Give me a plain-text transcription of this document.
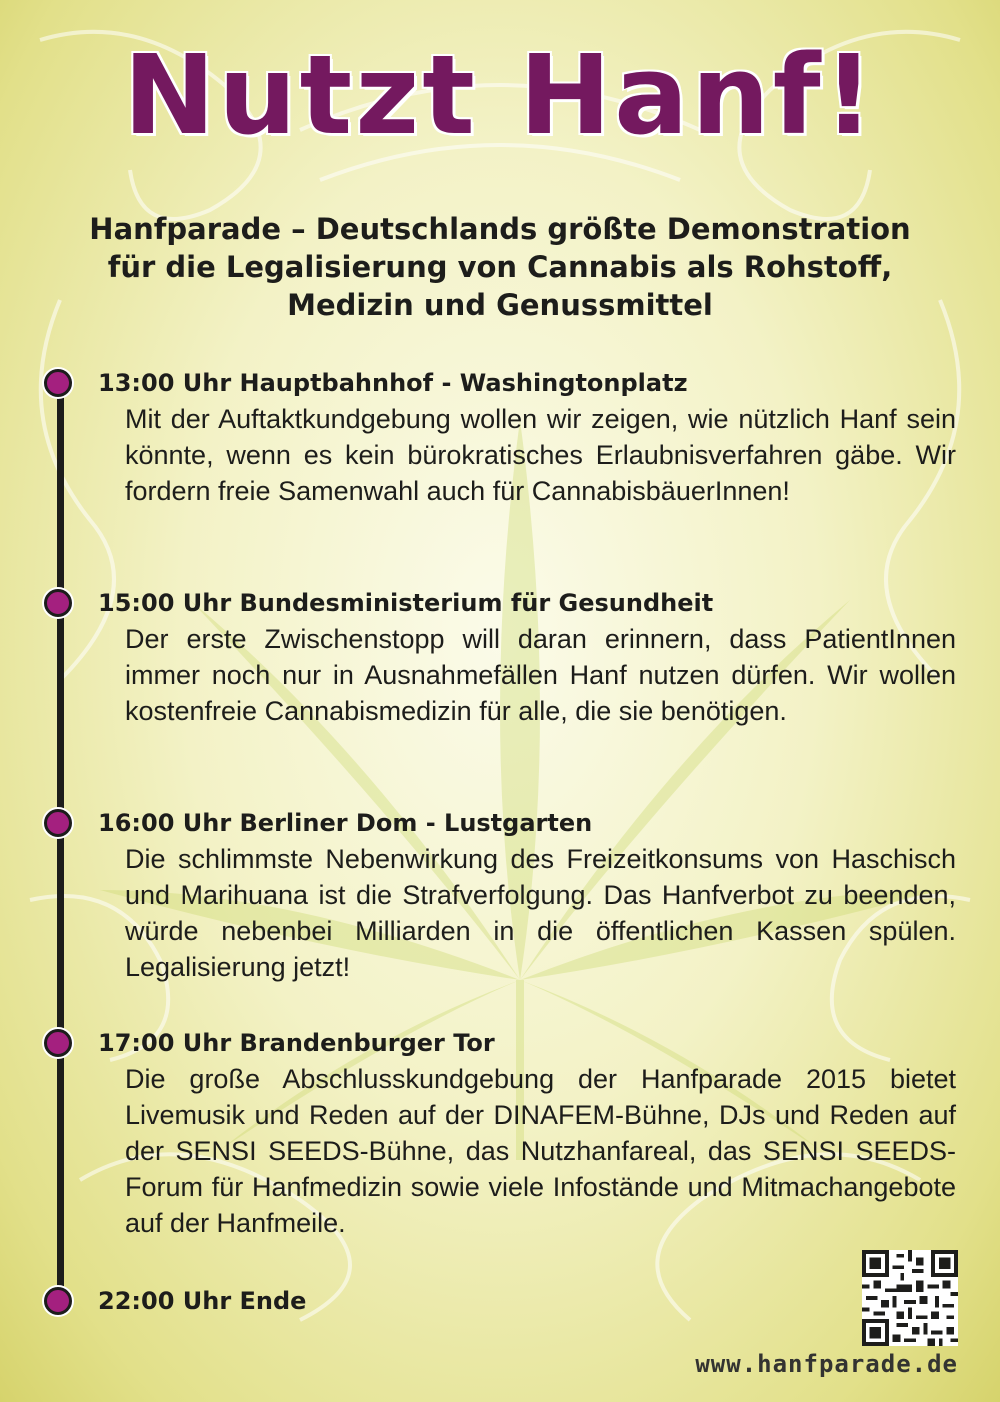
Nutzt Hanf!
Hanfparade – Deutschlands größte Demonstration
für die Legalisierung von Cannabis als Rohstoff,
Medizin und Genussmittel
13:00 Uhr Hauptbahnhof - Washingtonplatz
Mit der Auftaktkundgebung wollen wir zeigen, wie nützlich Hanf sein könnte, wenn es kein bürokratisches Erlaubnisverfahren gäbe. Wir fordern freie Samenwahl auch für CannabisbäuerInnen!
15:00 Uhr Bundesministerium für Gesundheit
Der erste Zwischenstopp will daran erinnern, dass PatientInnen immer noch nur in Ausnahmefällen Hanf nutzen dürfen. Wir wollen kostenfreie Cannabismedizin für alle, die sie benötigen.
16:00 Uhr Berliner Dom - Lustgarten
Die schlimmste Nebenwirkung des Freizeitkonsums von Haschisch und Marihuana ist die Strafverfolgung. Das Hanfverbot zu beenden, würde nebenbei Milliarden in die öffentlichen Kassen spülen. Legalisierung jetzt!
17:00 Uhr Brandenburger Tor
Die große Abschlusskundgebung der Hanfparade 2015 bietet Livemusik und Reden auf der DINAFEM-Bühne, DJs und Reden auf der SENSI SEEDS-Bühne, das Nutzhanfareal, das SENSI SEEDS-Forum für Hanfmedizin sowie viele Infostände und Mitmachangebote auf der Hanfmeile.
22:00 Uhr Ende
www.hanfparade.de
